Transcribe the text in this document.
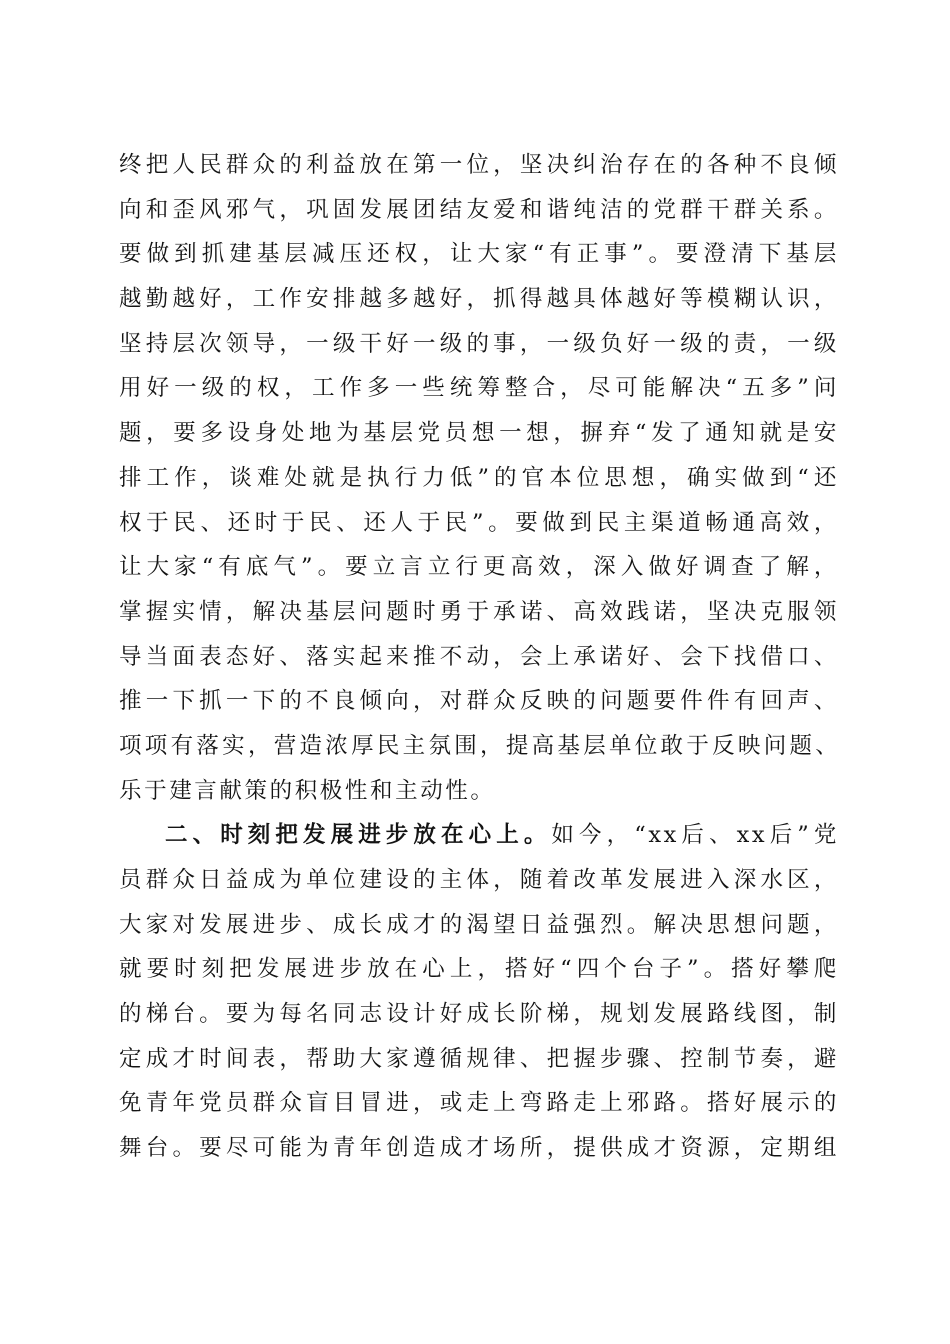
终把人民群众的利益放在第一位，坚决纠治存在的各种不良倾
向和歪风邪气，巩固发展团结友爱和谐纯洁的党群干群关系。
要做到抓建基层减压还权，让大家“有正事”。要澄清下基层
越勤越好，工作安排越多越好，抓得越具体越好等模糊认识，
坚持层次领导，一级干好一级的事，一级负好一级的责，一级
用好一级的权，工作多一些统筹整合，尽可能解决“五多”问
题，要多设身处地为基层党员想一想，摒弃“发了通知就是安
排工作，谈难处就是执行力低”的官本位思想，确实做到“还
权于民、还时于民、还人于民”。要做到民主渠道畅通高效，
让大家“有底气”。要立言立行更高效，深入做好调查了解，
掌握实情，解决基层问题时勇于承诺、高效践诺，坚决克服领
导当面表态好、落实起来推不动，会上承诺好、会下找借口、
推一下抓一下的不良倾向，对群众反映的问题要件件有回声、
项项有落实，营造浓厚民主氛围，提高基层单位敢于反映问题、
乐于建言献策的积极性和主动性。
二、时刻把发展进步放在心上。如今，“xx后、xx后”党
员群众日益成为单位建设的主体，随着改革发展进入深水区，
大家对发展进步、成长成才的渴望日益强烈。解决思想问题，
就要时刻把发展进步放在心上，搭好“四个台子”。搭好攀爬
的梯台。要为每名同志设计好成长阶梯，规划发展路线图，制
定成才时间表，帮助大家遵循规律、把握步骤、控制节奏，避
免青年党员群众盲目冒进，或走上弯路走上邪路。搭好展示的
舞台。要尽可能为青年创造成才场所，提供成才资源，定期组
